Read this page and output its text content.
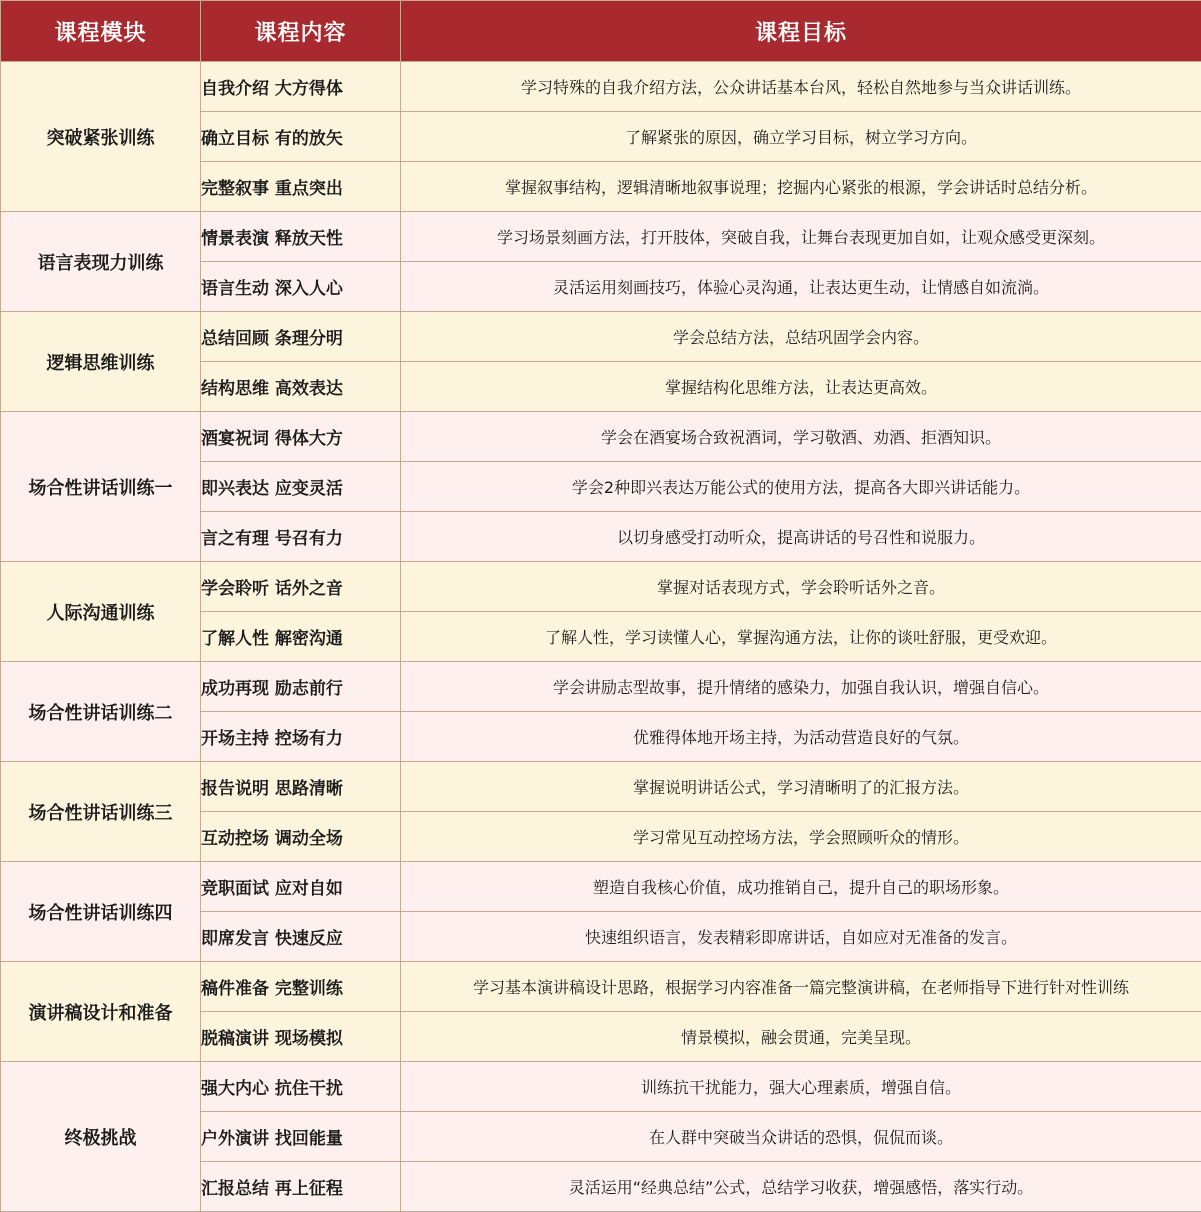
课程模块	课程内容	课程目标
突破紧张训练	自我介绍 大方得体	学习特殊的自我介绍方法，公众讲话基本台风，轻松自然地参与当众讲话训练。
	确立目标 有的放矢	了解紧张的原因，确立学习目标，树立学习方向。
	完整叙事 重点突出	掌握叙事结构，逻辑清晰地叙事说理；挖掘内心紧张的根源，学会讲话时总结分析。
语言表现力训练	情景表演 释放天性	学习场景刻画方法，打开肢体，突破自我，让舞台表现更加自如，让观众感受更深刻。
	语言生动 深入人心	灵活运用刻画技巧，体验心灵沟通，让表达更生动，让情感自如流淌。
逻辑思维训练	总结回顾 条理分明	学会总结方法，总结巩固学会内容。
	结构思维 高效表达	掌握结构化思维方法，让表达更高效。
场合性讲话训练一	酒宴祝词 得体大方	学会在酒宴场合致祝酒词，学习敬酒、劝酒、拒酒知识。
	即兴表达 应变灵活	学会2种即兴表达万能公式的使用方法，提高各大即兴讲话能力。
	言之有理 号召有力	以切身感受打动听众，提高讲话的号召性和说服力。
人际沟通训练	学会聆听 话外之音	掌握对话表现方式，学会聆听话外之音。
	了解人性 解密沟通	了解人性，学习读懂人心，掌握沟通方法，让你的谈吐舒服，更受欢迎。
场合性讲话训练二	成功再现 励志前行	学会讲励志型故事，提升情绪的感染力，加强自我认识，增强自信心。
	开场主持 控场有力	优雅得体地开场主持，为活动营造良好的气氛。
场合性讲话训练三	报告说明 思路清晰	掌握说明讲话公式，学习清晰明了的汇报方法。
	互动控场 调动全场	学习常见互动控场方法，学会照顾听众的情形。
场合性讲话训练四	竞职面试 应对自如	塑造自我核心价值，成功推销自己，提升自己的职场形象。
	即席发言 快速反应	快速组织语言，发表精彩即席讲话，自如应对无准备的发言。
演讲稿设计和准备	稿件准备 完整训练	学习基本演讲稿设计思路，根据学习内容准备一篇完整演讲稿，在老师指导下进行针对性训练
	脱稿演讲 现场模拟	情景模拟，融会贯通，完美呈现。
终极挑战	强大内心 抗住干扰	训练抗干扰能力，强大心理素质，增强自信。
	户外演讲 找回能量	在人群中突破当众讲话的恐惧，侃侃而谈。
	汇报总结 再上征程	灵活运用“经典总结”公式，总结学习收获，增强感悟，落实行动。
